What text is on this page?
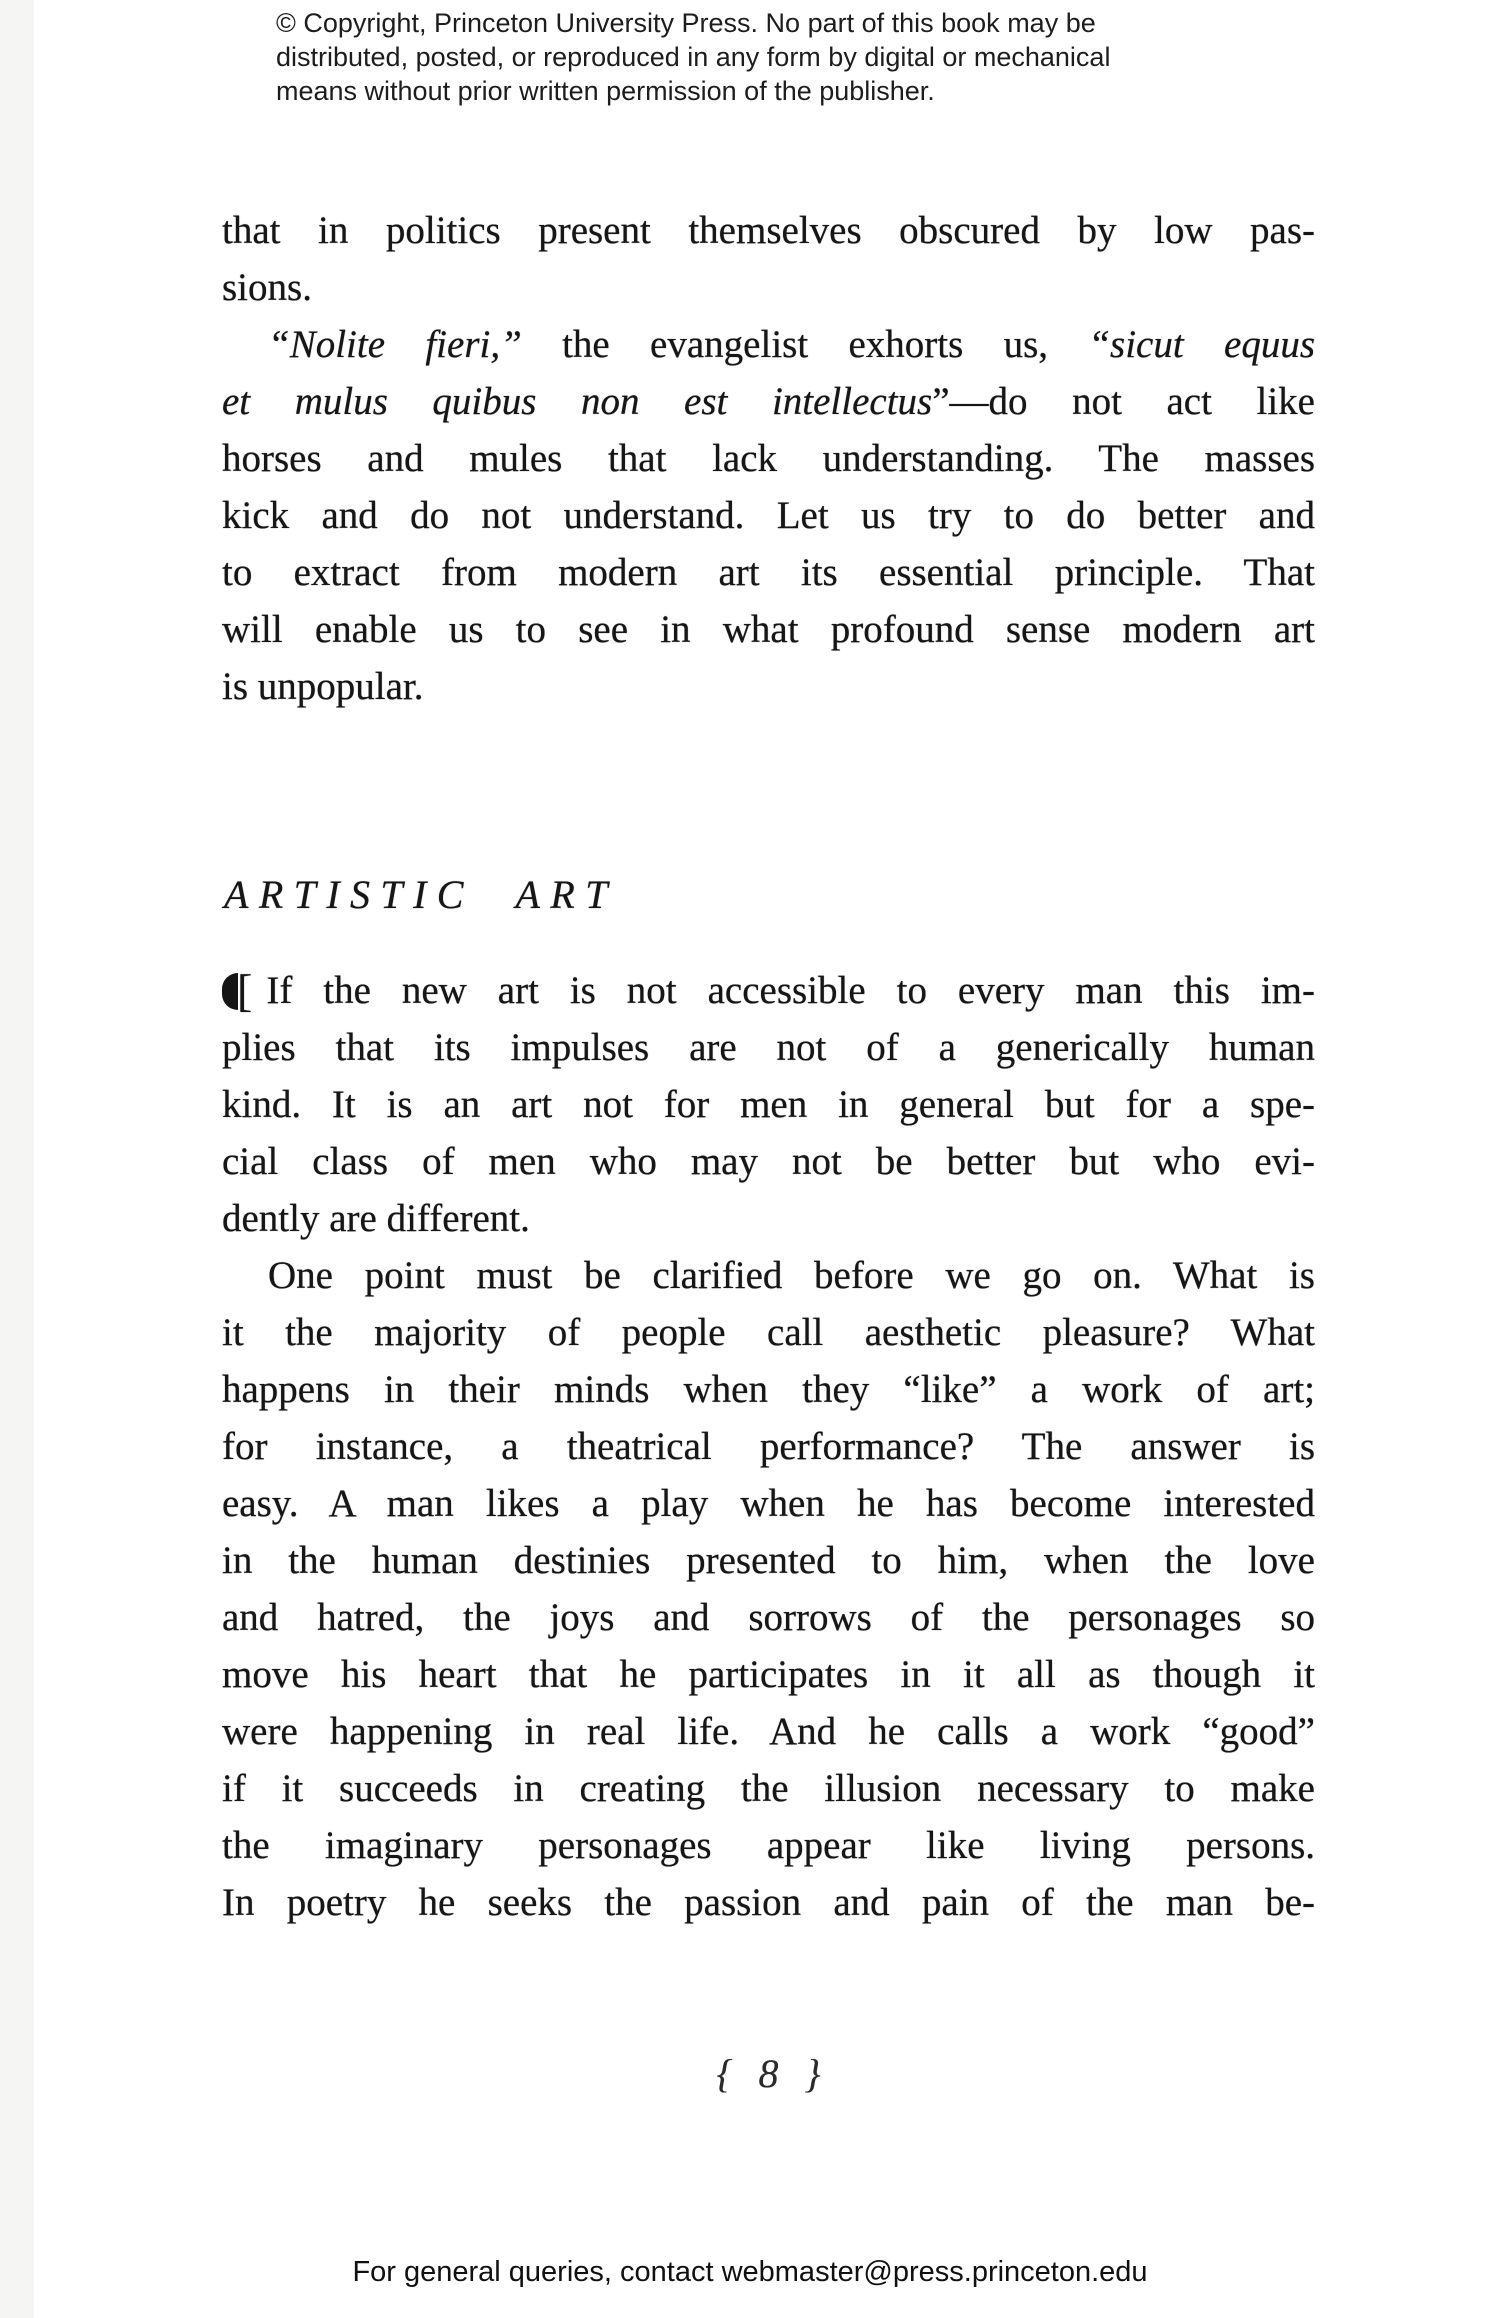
© Copyright, Princeton University Press. No part of this book may be
distributed, posted, or reproduced in any form by digital or mechanical
means without prior written permission of the publisher.
that in politics present themselves obscured by low pas-
sions.
“Nolite fieri,” the evangelist exhorts us, “sicut equus
et mulus quibus non est intellectus”—do not act like
horses and mules that lack understanding. The masses
kick and do not understand. Let us try to do better and
to extract from modern art its essential principle. That
will enable us to see in what profound sense modern art
is unpopular.
ARTISTIC ART
[ If the new art is not accessible to every man this im-
plies that its impulses are not of a generically human
kind. It is an art not for men in general but for a spe-
cial class of men who may not be better but who evi-
dently are different.
One point must be clarified before we go on. What is
it the majority of people call aesthetic pleasure? What
happens in their minds when they “like” a work of art;
for instance, a theatrical performance? The answer is
easy. A man likes a play when he has become interested
in the human destinies presented to him, when the love
and hatred, the joys and sorrows of the personages so
move his heart that he participates in it all as though it
were happening in real life. And he calls a work “good”
if it succeeds in creating the illusion necessary to make
the imaginary personages appear like living persons.
In poetry he seeks the passion and pain of the man be-
{ 8 }
For general queries, contact webmaster@press.princeton.edu
